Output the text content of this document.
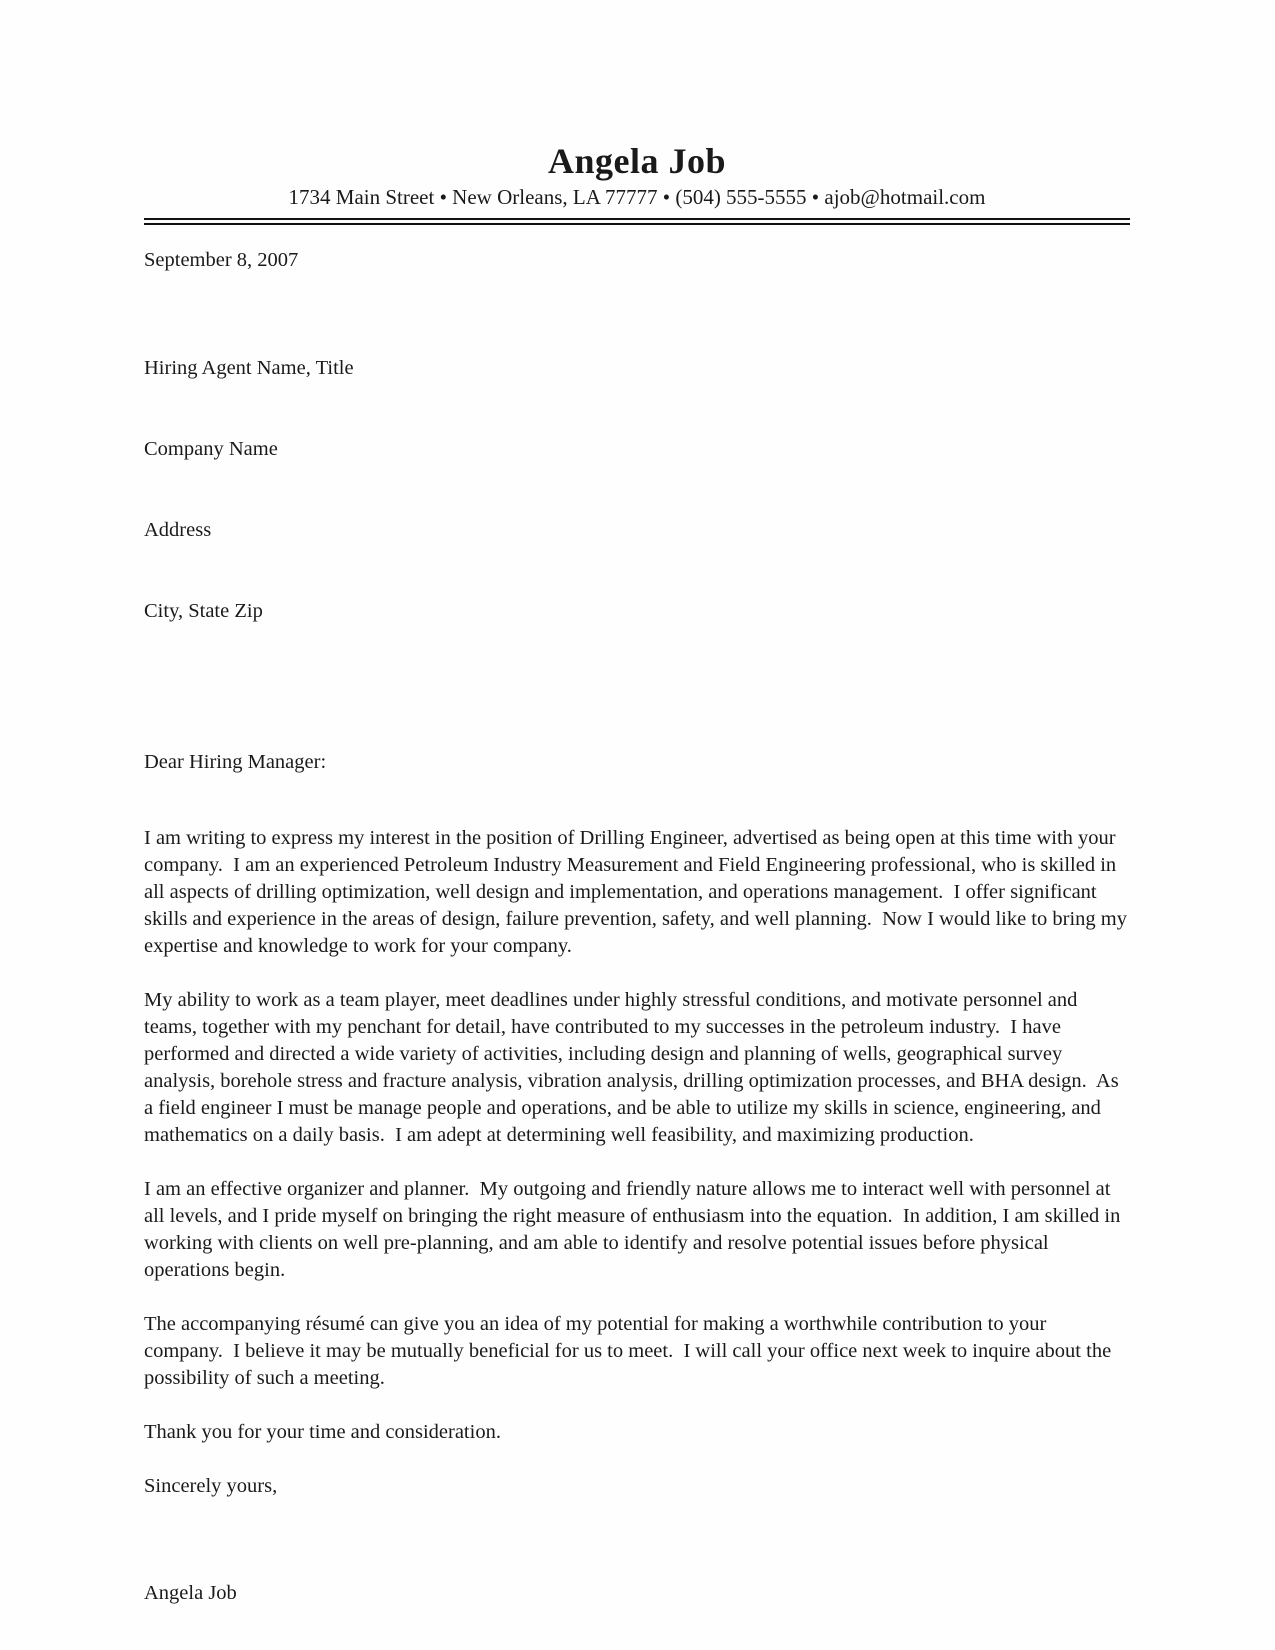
Angela Job
1734 Main Street • New Orleans, LA 77777 • (504) 555-5555 • ajob@hotmail.com
September 8, 2007

Hiring Agent Name, Title

Company Name

Address

City, State Zip

Dear Hiring Manager:
I am writing to express my interest in the position of Drilling Engineer, advertised as being open at this time with your company.  I am an experienced Petroleum Industry Measurement and Field Engineering professional, who is skilled in all aspects of drilling optimization, well design and implementation, and operations management.  I offer significant skills and experience in the areas of design, failure prevention, safety, and well planning.  Now I would like to bring my expertise and knowledge to work for your company.
My ability to work as a team player, meet deadlines under highly stressful conditions, and motivate personnel and teams, together with my penchant for detail, have contributed to my successes in the petroleum industry.  I have performed and directed a wide variety of activities, including design and planning of wells, geographical survey analysis, borehole stress and fracture analysis, vibration analysis, drilling optimization processes, and BHA design.  As a field engineer I must be manage people and operations, and be able to utilize my skills in science, engineering, and mathematics on a daily basis.  I am adept at determining well feasibility, and maximizing production.
I am an effective organizer and planner.  My outgoing and friendly nature allows me to interact well with personnel at all levels, and I pride myself on bringing the right measure of enthusiasm into the equation.  In addition, I am skilled in working with clients on well pre-planning, and am able to identify and resolve potential issues before physical operations begin.
The accompanying résumé can give you an idea of my potential for making a worthwhile contribution to your company.  I believe it may be mutually beneficial for us to meet.  I will call your office next week to inquire about the possibility of such a meeting.
Thank you for your time and consideration.
Sincerely yours,
Angela Job
